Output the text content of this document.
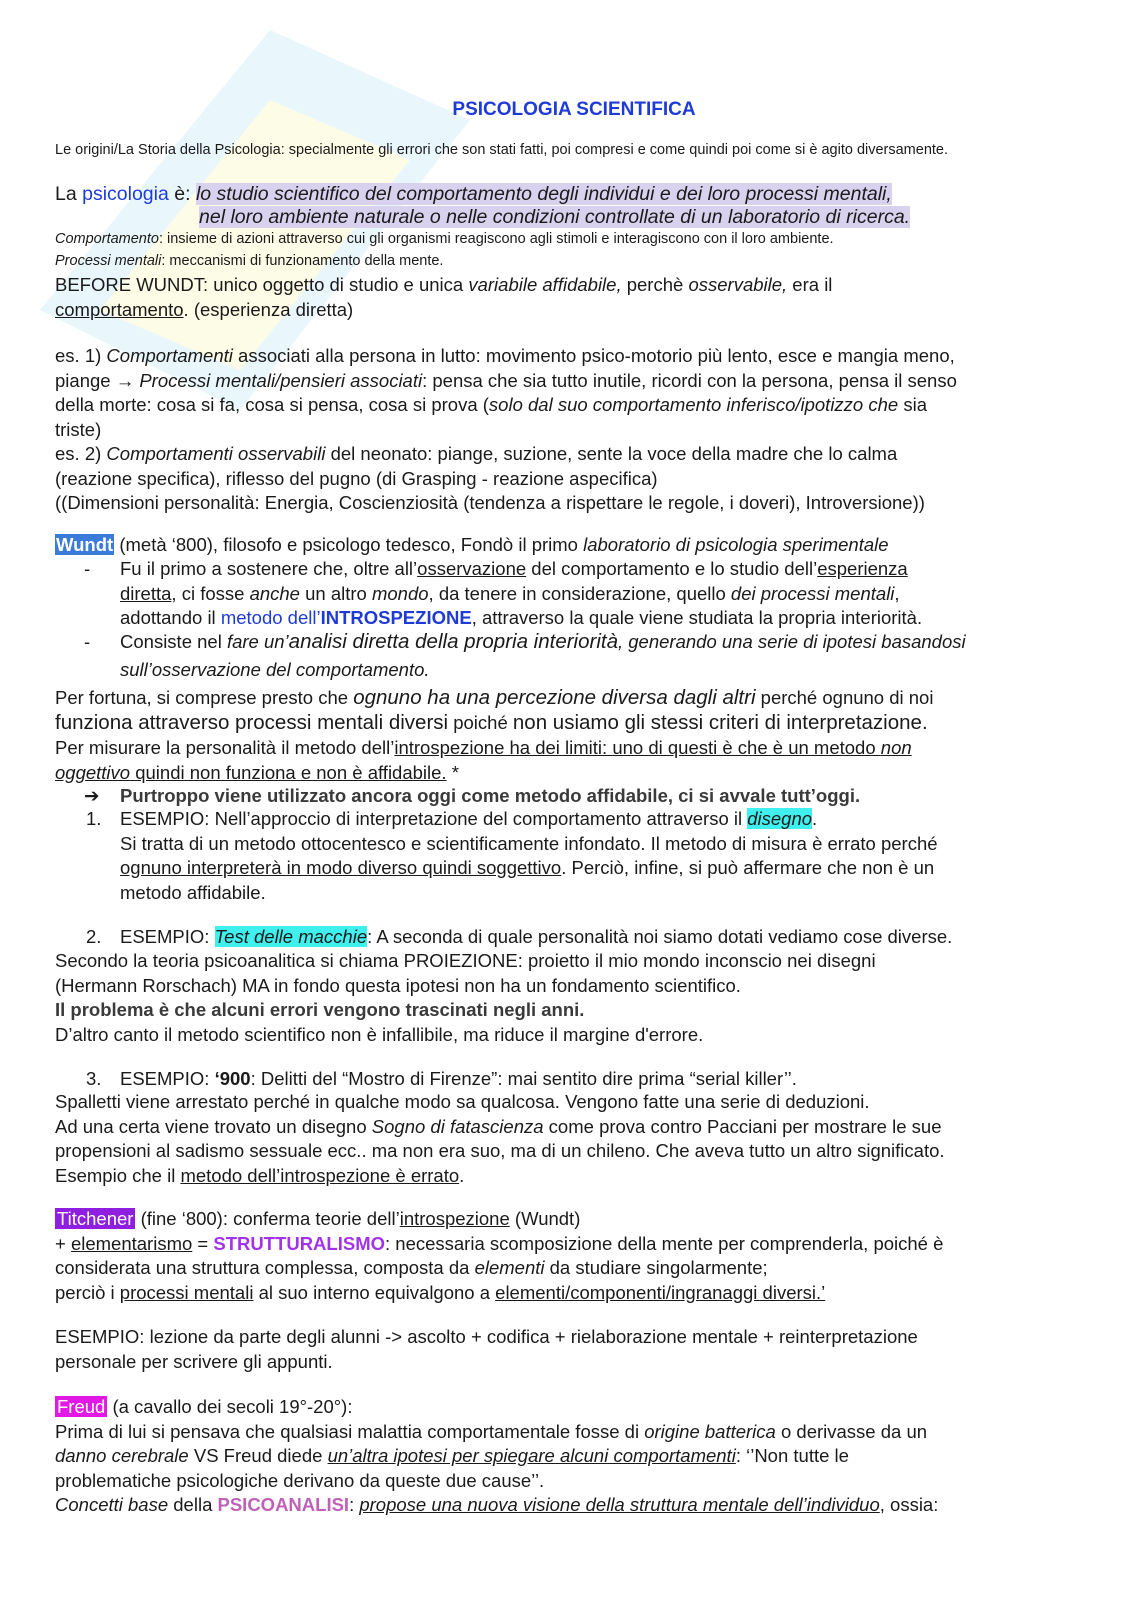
PSICOLOGIA SCIENTIFICA
Le origini/La Storia della Psicologia: specialmente gli errori che son stati fatti, poi compresi e come quindi poi come si è agito diversamente.
La psicologia è: lo studio scientifico del comportamento degli individui e dei loro processi mentali,
nel loro ambiente naturale o nelle condizioni controllate di un laboratorio di ricerca.
Comportamento: insieme di azioni attraverso cui gli organismi reagiscono agli stimoli e interagiscono con il loro ambiente.
Processi mentali: meccanismi di funzionamento della mente.
BEFORE WUNDT: unico oggetto di studio e unica variabile affidabile, perchè osservabile, era il
comportamento. (esperienza diretta)
es. 1) Comportamenti associati alla persona in lutto: movimento psico-motorio più lento, esce e mangia meno,
piange → Processi mentali/pensieri associati: pensa che sia tutto inutile, ricordi con la persona, pensa il senso
della morte: cosa si fa, cosa si pensa, cosa si prova (solo dal suo comportamento inferisco/ipotizzo che sia
triste)
es. 2) Comportamenti osservabili del neonato: piange, suzione, sente la voce della madre che lo calma
(reazione specifica), riflesso del pugno (di Grasping - reazione aspecifica)
((Dimensioni personalità: Energia, Coscienziosità (tendenza a rispettare le regole, i doveri), Introversione))
Wundt (metà ‘800), filosofo e psicologo tedesco, Fondò il primo laboratorio di psicologia sperimentale
-	Fu il primo a sostenere che, oltre all’osservazione del comportamento e lo studio dell’esperienza
diretta, ci fosse anche un altro mondo, da tenere in considerazione, quello dei processi mentali,
adottando il metodo dell’INTROSPEZIONE, attraverso la quale viene studiata la propria interiorità.
-	Consiste nel fare un’analisi diretta della propria interiorità, generando una serie di ipotesi basandosi
sull’osservazione del comportamento.
Per fortuna, si comprese presto che ognuno ha una percezione diversa dagli altri perché ognuno di noi
funziona attraverso processi mentali diversi poiché non usiamo gli stessi criteri di interpretazione.
Per misurare la personalità il metodo dell’introspezione ha dei limiti: uno di questi è che è un metodo non
oggettivo quindi non funziona e non è affidabile. *
➔	Purtroppo viene utilizzato ancora oggi come metodo affidabile, ci si avvale tutt’oggi.
1.	ESEMPIO: Nell’approccio di interpretazione del comportamento attraverso il disegno.
Si tratta di un metodo ottocentesco e scientificamente infondato. Il metodo di misura è errato perché
ognuno interpreterà in modo diverso quindi soggettivo. Perciò, infine, si può affermare che non è un
metodo affidabile.
2.	ESEMPIO: Test delle macchie: A seconda di quale personalità noi siamo dotati vediamo cose diverse.
Secondo la teoria psicoanalitica si chiama PROIEZIONE: proietto il mio mondo inconscio nei disegni
(Hermann Rorschach) MA in fondo questa ipotesi non ha un fondamento scientifico.
Il problema è che alcuni errori vengono trascinati negli anni.
D’altro canto il metodo scientifico non è infallibile, ma riduce il margine d'errore.
3.	ESEMPIO: ‘900: Delitti del “Mostro di Firenze”: mai sentito dire prima “serial killer’’.
Spalletti viene arrestato perché in qualche modo sa qualcosa. Vengono fatte una serie di deduzioni.
Ad una certa viene trovato un disegno Sogno di fatascienza come prova contro Pacciani per mostrare le sue
propensioni al sadismo sessuale ecc.. ma non era suo, ma di un chileno. Che aveva tutto un altro significato.
Esempio che il metodo dell’introspezione è errato.
Titchener (fine ‘800): conferma teorie dell’introspezione (Wundt)
+ elementarismo = STRUTTURALISMO: necessaria scomposizione della mente per comprenderla, poiché è
considerata una struttura complessa, composta da elementi da studiare singolarmente;
perciò i processi mentali al suo interno equivalgono a elementi/componenti/ingranaggi diversi.’
ESEMPIO: lezione da parte degli alunni -> ascolto + codifica + rielaborazione mentale + reinterpretazione
personale per scrivere gli appunti.
Freud (a cavallo dei secoli 19°-20°):
Prima di lui si pensava che qualsiasi malattia comportamentale fosse di origine batterica o derivasse da un
danno cerebrale VS Freud diede un’altra ipotesi per spiegare alcuni comportamenti: ‘’Non tutte le
problematiche psicologiche derivano da queste due cause’’.
Concetti base della PSICOANALISI: propose una nuova visione della struttura mentale dell’individuo, ossia:
